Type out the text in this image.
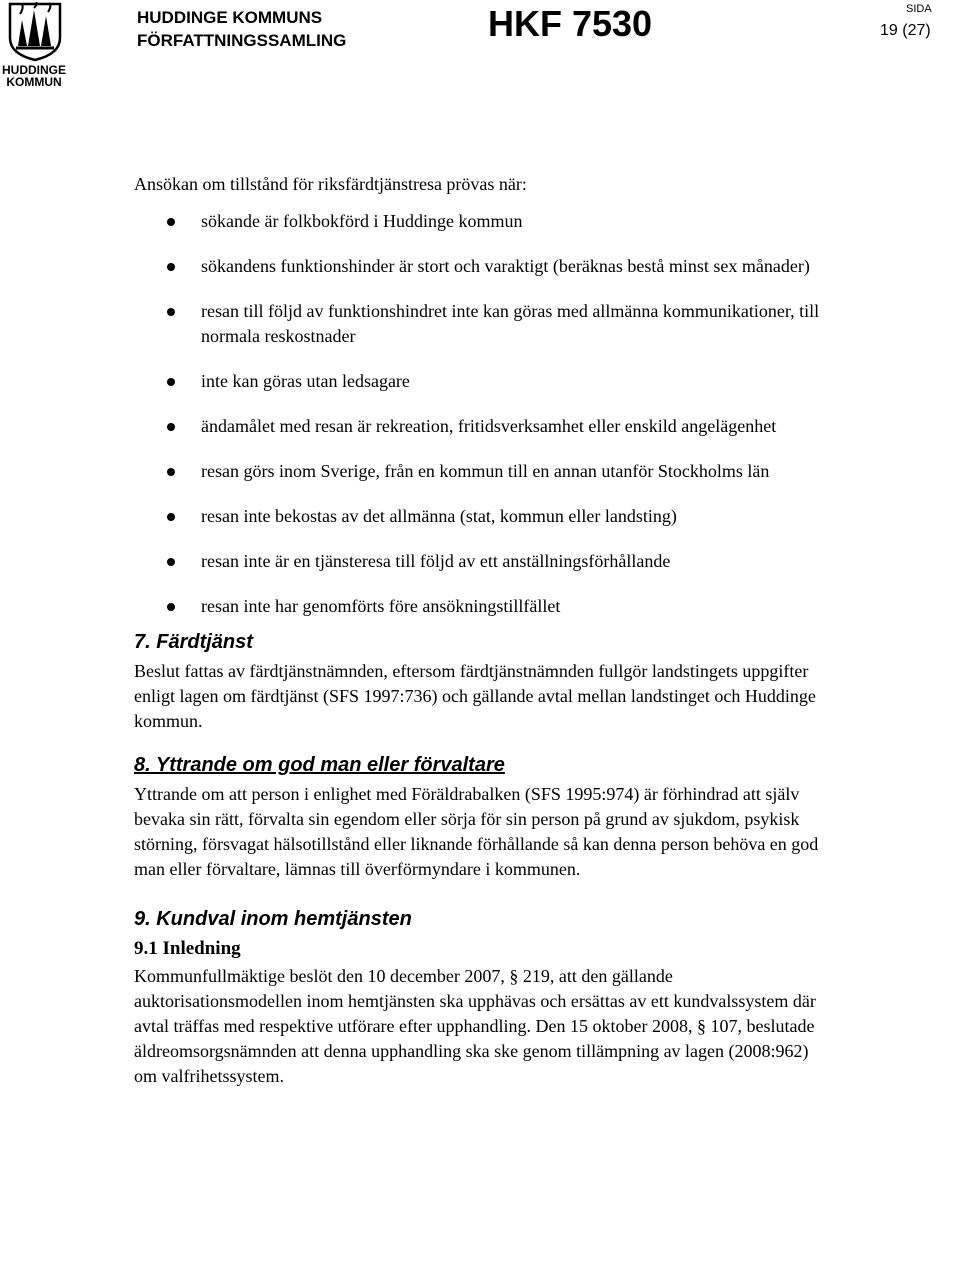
HUDDINGE
KOMMUN
HUDDINGE KOMMUNS
FÖRFATTNINGSSAMLING	HKF 7530	SIDA
19 (27)

Ansökan om tillstånd för riksfärdtjänstresa prövas när:

sökande är folkbokförd i Huddinge kommun
sökandens funktionshinder är stort och varaktigt (beräknas bestå minst sex månader)
resan till följd av funktionshindret inte kan göras med allmänna kommunikationer, till normala reskostnader
inte kan göras utan ledsagare
ändamålet med resan är rekreation, fritidsverksamhet eller enskild angelägenhet
resan görs inom Sverige, från en kommun till en annan utanför Stockholms län
resan inte bekostas av det allmänna (stat, kommun eller landsting)
resan inte är en tjänsteresa till följd av ett anställningsförhållande
resan inte har genomförts före ansökningstillfället
7. Färdtjänst

Beslut fattas av färdtjänstnämnden, eftersom färdtjänstnämnden fullgör landstingets uppgifter enligt lagen om färdtjänst (SFS 1997:736) och gällande avtal mellan landstinget och Huddinge kommun.

8. Yttrande om god man eller förvaltare

Yttrande om att person i enlighet med Föräldrabalken (SFS 1995:974) är förhindrad att själv bevaka sin rätt, förvalta sin egendom eller sörja för sin person på grund av sjukdom, psykisk störning, försvagat hälsotillstånd eller liknande förhållande så kan denna person behöva en god man eller förvaltare, lämnas till överförmyndare i kommunen.

9. Kundval inom hemtjänsten
9.1 Inledning

Kommunfullmäktige beslöt den 10 december 2007, § 219, att den gällande auktorisationsmodellen inom hemtjänsten ska upphävas och ersättas av ett kundvalssystem där avtal träffas med respektive utförare efter upphandling. Den 15 oktober 2008, § 107, beslutade äldreomsorgsnämnden att denna upphandling ska ske genom tillämpning av lagen (2008:962) om valfrihetssystem.
